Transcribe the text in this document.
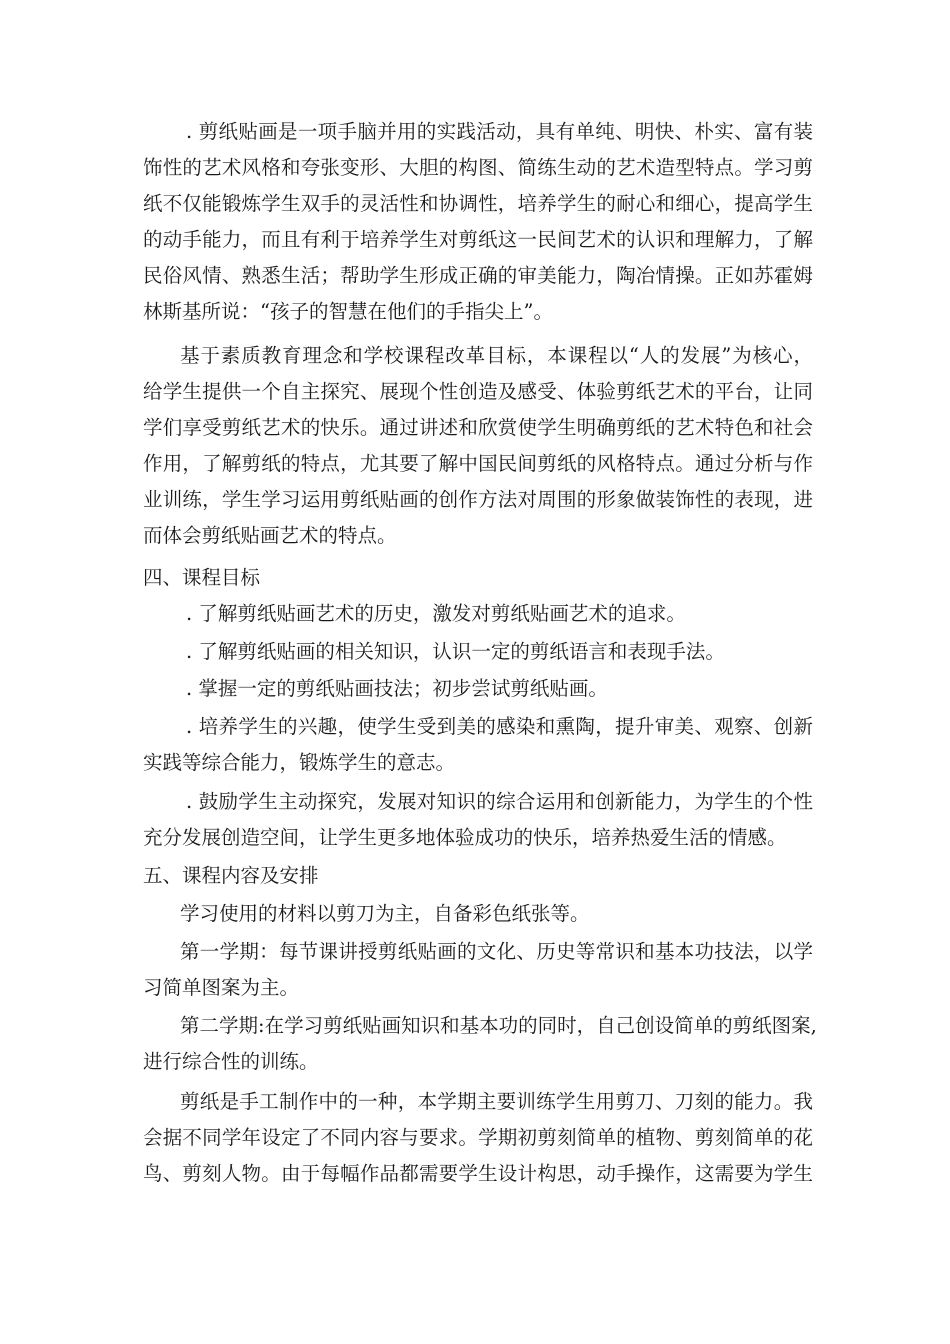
. 剪纸贴画是一项手脑并用的实践活动，具有单纯、明快、朴实、富有装
饰性的艺术风格和夸张变形、大胆的构图、简练生动的艺术造型特点。学习剪
纸不仅能锻炼学生双手的灵活性和协调性，培养学生的耐心和细心，提高学生
的动手能力，而且有利于培养学生对剪纸这一民间艺术的认识和理解力，了解
民俗风情、熟悉生活；帮助学生形成正确的审美能力，陶冶情操。正如苏霍姆
林斯基所说：“孩子的智慧在他们的手指尖上”。
基于素质教育理念和学校课程改革目标，本课程以“人的发展”为核心，
给学生提供一个自主探究、展现个性创造及感受、体验剪纸艺术的平台，让同
学们享受剪纸艺术的快乐。通过讲述和欣赏使学生明确剪纸的艺术特色和社会
作用，了解剪纸的特点，尤其要了解中国民间剪纸的风格特点。通过分析与作
业训练，学生学习运用剪纸贴画的创作方法对周围的形象做装饰性的表现，进
而体会剪纸贴画艺术的特点。
四、课程目标
. 了解剪纸贴画艺术的历史，激发对剪纸贴画艺术的追求。
. 了解剪纸贴画的相关知识，认识一定的剪纸语言和表现手法。
. 掌握一定的剪纸贴画技法；初步尝试剪纸贴画。
. 培养学生的兴趣，使学生受到美的感染和熏陶，提升审美、观察、创新
实践等综合能力，锻炼学生的意志。
. 鼓励学生主动探究，发展对知识的综合运用和创新能力，为学生的个性
充分发展创造空间，让学生更多地体验成功的快乐，培养热爱生活的情感。
五、课程内容及安排
学习使用的材料以剪刀为主，自备彩色纸张等。
第一学期：每节课讲授剪纸贴画的文化、历史等常识和基本功技法，以学
习简单图案为主。
第二学期:在学习剪纸贴画知识和基本功的同时，自己创设简单的剪纸图案,
进行综合性的训练。
剪纸是手工制作中的一种，本学期主要训练学生用剪刀、刀刻的能力。我
会据不同学年设定了不同内容与要求。学期初剪刻简单的植物、剪刻简单的花
鸟、剪刻人物。由于每幅作品都需要学生设计构思，动手操作，这需要为学生
